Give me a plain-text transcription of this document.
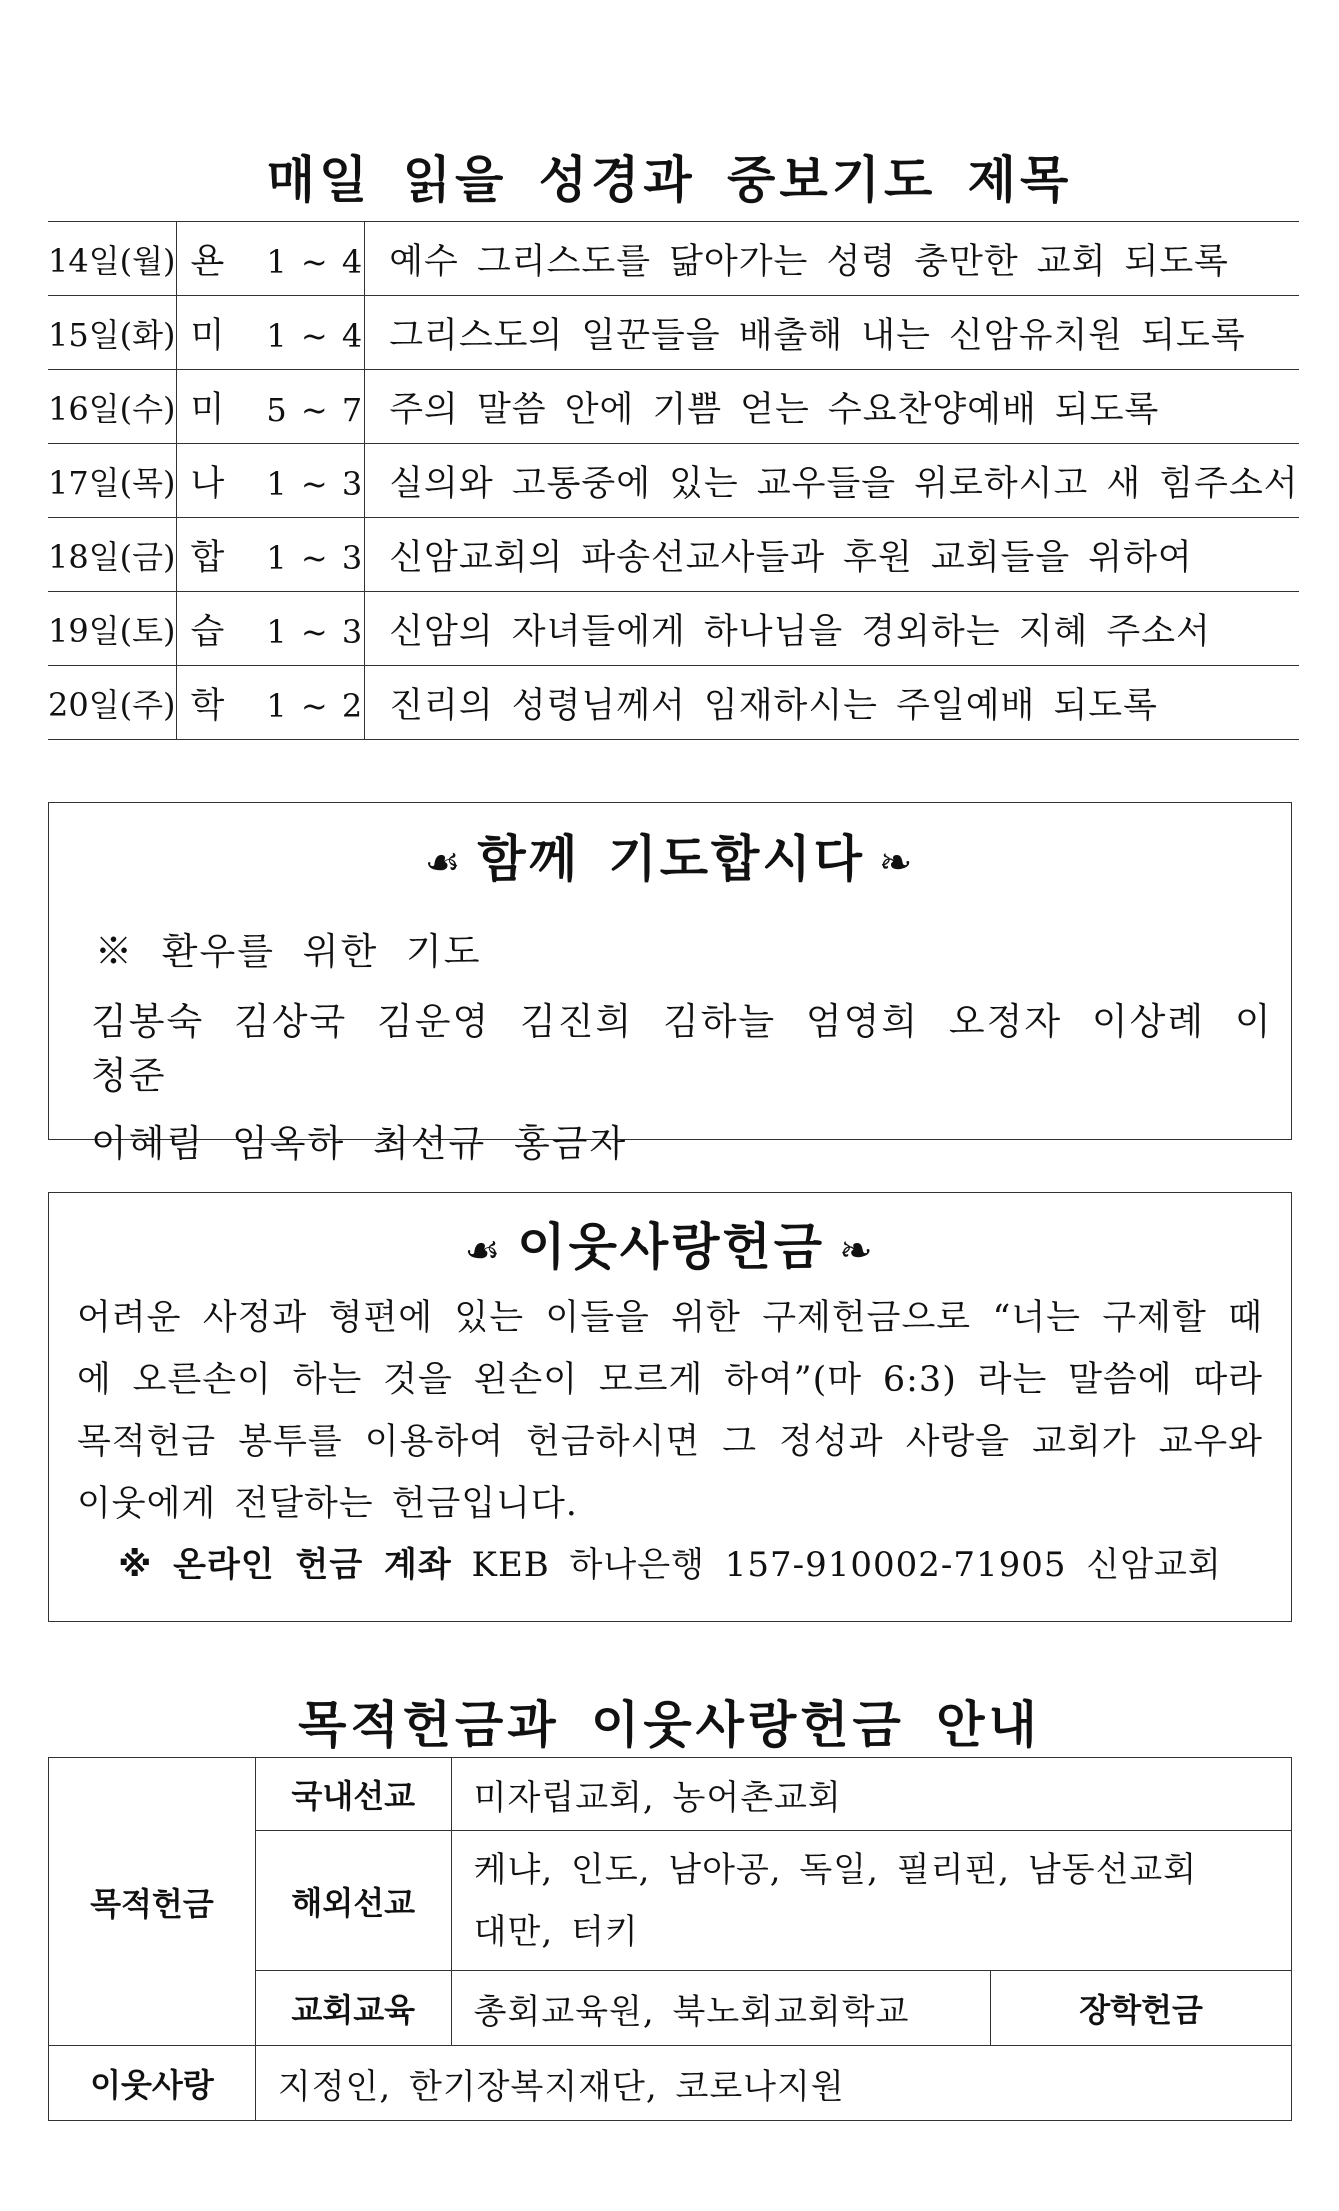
매일 읽을 성경과 중보기도 제목
14일(월)	욘 1 ~ 4	예수 그리스도를 닮아가는 성령 충만한 교회 되도록
15일(화)	미 1 ~ 4	그리스도의 일꾼들을 배출해 내는 신암유치원 되도록
16일(수)	미 5 ~ 7	주의 말씀 안에 기쁨 얻는 수요찬양예배 되도록
17일(목)	나 1 ~ 3	실의와 고통중에 있는 교우들을 위로하시고 새 힘주소서
18일(금)	합 1 ~ 3	신암교회의 파송선교사들과 후원 교회들을 위하여
19일(토)	습 1 ~ 3	신암의 자녀들에게 하나님을 경외하는 지혜 주소서
20일(주)	학 1 ~ 2	진리의 성령님께서 임재하시는 주일예배 되도록
☙ 함께 기도합시다 ❧
※ 환우를 위한 기도
김봉숙 김상국 김운영 김진희 김하늘 엄영희 오정자 이상례 이청준
이혜림 임옥하 최선규 홍금자
☙ 이웃사랑헌금 ❧
어려운 사정과 형편에 있는 이들을 위한 구제헌금으로 “너는 구제할 때에 오른손이 하는 것을 왼손이 모르게 하여”(마 6:3) 라는 말씀에 따라 목적헌금 봉투를 이용하여 헌금하시면 그 정성과 사랑을 교회가 교우와 이웃에게 전달하는 헌금입니다.
※ 온라인 헌금 계좌 KEB 하나은행 157-910002-71905 신암교회
목적헌금과 이웃사랑헌금 안내
목적헌금	국내선교	미자립교회, 농어촌교회	
	해외선교	케냐, 인도, 남아공, 독일, 필리핀, 남동선교회
대만, 터키	

	교회교육	총회교육원, 북노회교회학교	장학헌금
이웃사랑	지정인, 한기장복지재단, 코로나지원		
